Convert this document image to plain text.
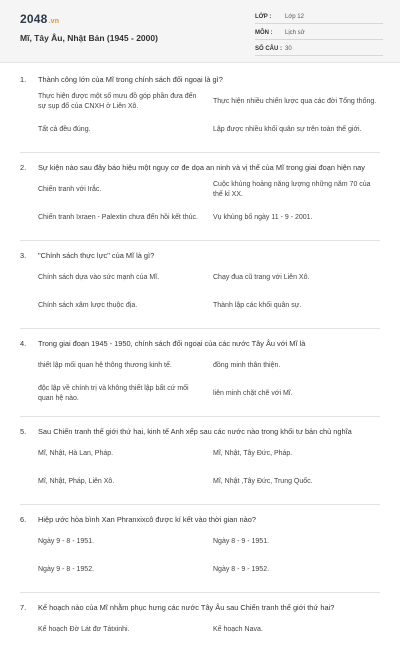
2048.vn
Mĩ, Tây Âu, Nhật Bản (1945 - 2000)
LỚP :	Lớp 12
MÔN :	Lịch sử
SỐ CÂU : 30
1.	Thành công lớn của Mĩ trong chính sách đối ngoại là gì?
Thực hiện được một số mưu đồ góp phần đưa đến sự sụp đổ của CNXH ở Liên Xô.
Thực hiện nhiều chiến lược qua các đời Tổng thống.
Tất cả đều đúng.	Lập được nhiều khối quân sự trên toàn thế giới.
2.	Sự kiện nào sau đây báo hiệu một nguy cơ đe dọa an ninh và vị thế của Mĩ trong giai đoạn hiện nay
Chiến tranh với Irắc.
Cuộc khủng hoảng năng lượng những năm 70 của thế kỉ XX.
Chiến tranh Ixraen - Palextin chưa đến hồi kết thúc.	Vụ khủng bố ngày 11 - 9 - 2001.
3.	"Chính sách thực lực" của Mĩ là gì?
Chính sách dựa vào sức mạnh của Mĩ.	Chạy đua cũ trang với Liên Xô.
Chính sách xâm lược thuộc địa.	Thành lập các khối quân sự.
4.	Trong giai đoạn 1945 - 1950, chính sách đối ngoại của các nước Tây Âu với Mĩ là
thiết lập mối quan hệ thông thương kinh tế.	đồng minh thân thiện.
độc lập về chính trị và không thiết lập bất cứ mối quan hệ nào.
liên minh chặt chẽ với Mĩ.
5.	Sau Chiến tranh thế giới thứ hai, kinh tế Anh xếp sau các nước nào trong khối tư bản chủ nghĩa
Mĩ, Nhật, Hà Lan, Pháp.	Mĩ, Nhật, Tây Đức, Pháp.
Mĩ, Nhật, Pháp, Liên Xô.	Mĩ, Nhật ,Tây Đức, Trung Quốc.
6.	Hiệp ước hòa bình Xan Phranxixcô được kí kết vào thời gian nào?
Ngày 9 - 8 - 1951.	Ngày 8 - 9 - 1951.
Ngày 9 - 8 - 1952.	Ngày 8 - 9 - 1952.
7.	Kế hoạch nào của Mĩ nhằm phục hưng các nước Tây Âu sau Chiến tranh thế giới thứ hai?
Kế hoạch Đờ Lát đơ Tátxinhi.	Kế hoạch Nava.
